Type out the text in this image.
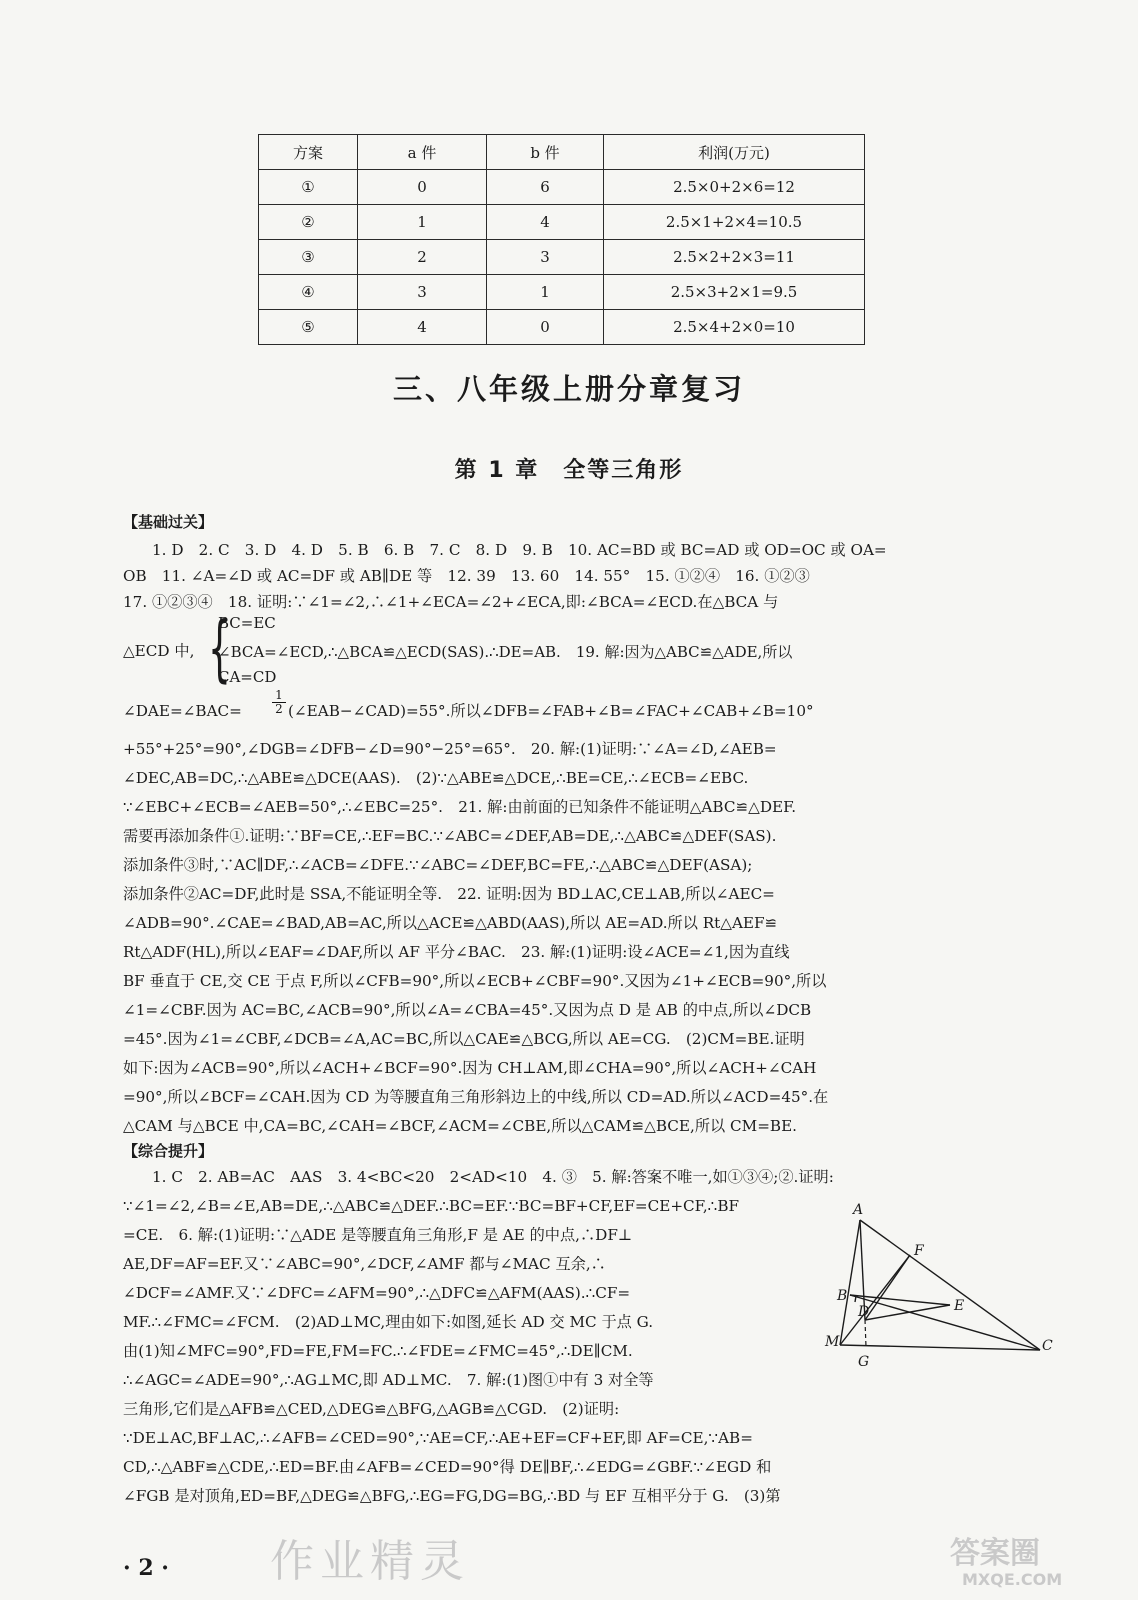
方案	a 件	b 件	利润(万元)
①	0	6	2.5×0+2×6=12
②	1	4	2.5×1+2×4=10.5
③	2	3	2.5×2+2×3=11
④	3	1	2.5×3+2×1=9.5
⑤	4	0	2.5×4+2×0=10
三、八年级上册分章复习
第 1 章　全等三角形
【基础过关】
1. D　2. C　3. D　4. D　5. B　6. B　7. C　8. D　9. B　10. AC=BD 或 BC=AD 或 OD=OC 或 OA=
OB　11. ∠A=∠D 或 AC=DF 或 AB∥DE 等　12. 39　13. 60　14. 55°　15. ①②④　16. ①②③
17. ①②③④　18. 证明:∵∠1=∠2,∴∠1+∠ECA=∠2+∠ECA,即:∠BCA=∠ECD.在△BCA 与
△ECD 中, {
BC=EC
∠BCA=∠ECD,∴△BCA≌△ECD(SAS).∴DE=AB.　19. 解:因为△ABC≌△ADE,所以
CA=CD
∠DAE=∠BAC=	$\frac{1}{2}$ (∠EAB−∠CAD)=55°.所以∠DFB=∠FAB+∠B=∠FAC+∠CAB+∠B=10°
+55°+25°=90°,∠DGB=∠DFB−∠D=90°−25°=65°.　20. 解:(1)证明:∵∠A=∠D,∠AEB=
∠DEC,AB=DC,∴△ABE≌△DCE(AAS).　(2)∵△ABE≌△DCE,∴BE=CE,∴∠ECB=∠EBC.
∵∠EBC+∠ECB=∠AEB=50°,∴∠EBC=25°.　21. 解:由前面的已知条件不能证明△ABC≌△DEF.
需要再添加条件①.证明:∵BF=CE,∴EF=BC.∵∠ABC=∠DEF,AB=DE,∴△ABC≌△DEF(SAS).
添加条件③时,∵AC∥DF,∴∠ACB=∠DFE.∵∠ABC=∠DEF,BC=FE,∴△ABC≌△DEF(ASA);
添加条件②AC=DF,此时是 SSA,不能证明全等.　22. 证明:因为 BD⊥AC,CE⊥AB,所以∠AEC=
∠ADB=90°.∠CAE=∠BAD,AB=AC,所以△ACE≌△ABD(AAS),所以 AE=AD.所以 Rt△AEF≌
Rt△ADF(HL),所以∠EAF=∠DAF,所以 AF 平分∠BAC.　23. 解:(1)证明:设∠ACE=∠1,因为直线
BF 垂直于 CE,交 CE 于点 F,所以∠CFB=90°,所以∠ECB+∠CBF=90°.又因为∠1+∠ECB=90°,所以
∠1=∠CBF.因为 AC=BC,∠ACB=90°,所以∠A=∠CBA=45°.又因为点 D 是 AB 的中点,所以∠DCB
=45°.因为∠1=∠CBF,∠DCB=∠A,AC=BC,所以△CAE≌△BCG,所以 AE=CG.　(2)CM=BE.证明
如下:因为∠ACB=90°,所以∠ACH+∠BCF=90°.因为 CH⊥AM,即∠CHA=90°,所以∠ACH+∠CAH
=90°,所以∠BCF=∠CAH.因为 CD 为等腰直角三角形斜边上的中线,所以 CD=AD.所以∠ACD=45°.在
△CAM 与△BCE 中,CA=BC,∠CAH=∠BCF,∠ACM=∠CBE,所以△CAM≌△BCE,所以 CM=BE.
【综合提升】
1. C　2. AB=AC　AAS　3. 4<BC<20　2<AD<10　4. ③　5. 解:答案不唯一,如①③④;②.证明:
∵∠1=∠2,∠B=∠E,AB=DE,∴△ABC≌△DEF.∴BC=EF.∵BC=BF+CF,EF=CE+CF,∴BF
=CE.　6. 解:(1)证明:∵△ADE 是等腰直角三角形,F 是 AE 的中点,∴DF⊥
AE,DF=AF=EF.又∵∠ABC=90°,∠DCF,∠AMF 都与∠MAC 互余,∴
∠DCF=∠AMF.又∵∠DFC=∠AFM=90°,∴△DFC≌△AFM(AAS).∴CF=
MF.∴∠FMC=∠FCM.　(2)AD⊥MC,理由如下:如图,延长 AD 交 MC 于点 G.
由(1)知∠MFC=90°,FD=FE,FM=FC.∴∠FDE=∠FMC=45°,∴DE∥CM.
∴∠AGC=∠ADE=90°,∴AG⊥MC,即 AD⊥MC.　7. 解:(1)图①中有 3 对全等
三角形,它们是△AFB≌△CED,△DEG≌△BFG,△AGB≌△CGD.　(2)证明:
∵DE⊥AC,BF⊥AC,∴∠AFB=∠CED=90°,∵AE=CF,∴AE+EF=CF+EF,即 AF=CE,∵AB=
CD,∴△ABF≌△CDE,∴ED=BF.由∠AFB=∠CED=90°得 DE∥BF,∴∠EDG=∠GBF.∵∠EGD 和
∠FGB 是对顶角,ED=BF,△DEG≌△BFG,∴EG=FG,DG=BG,∴BD 与 EF 互相平分于 G.　(3)第
A
F
B
E
D
M
G
C
· 2 · 作业精灵	答案圈
MXQE.COM
